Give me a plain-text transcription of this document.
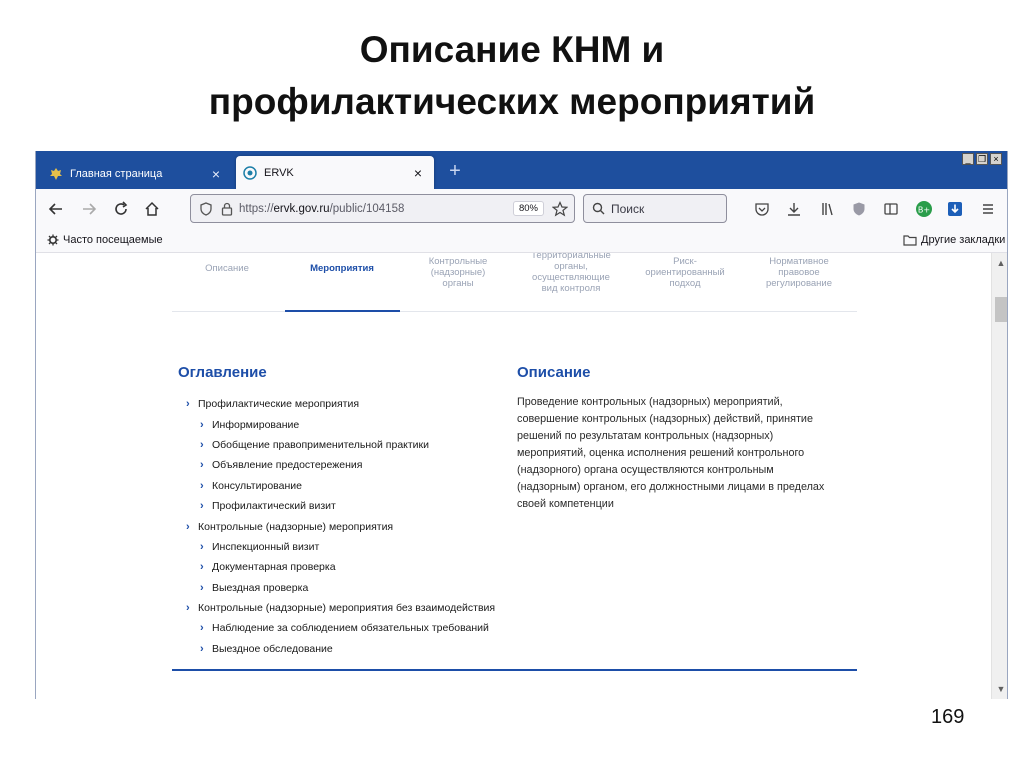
Описание КНМ и
профилактических мероприятий
Главная страница	×	ERVK	× +
_ ❐ ×
https://ervk.gov.ru/public/104158	80%	Поиск	B+
Часто посещаемые	Другие закладки
Описание	Мероприятия
Контрольные
(надзорные)
органы
Территориальные
органы,
осуществляющие
вид контроля
Риск-
ориентированный
подход
Нормативное
правовое
регулирование
Оглавление
› Профилактические мероприятия
› Информирование
› Обобщение правоприменительной практики
› Объявление предостережения
› Консультирование
› Профилактический визит
› Контрольные (надзорные) мероприятия
› Инспекционный визит
› Документарная проверка
› Выездная проверка
› Контрольные (надзорные) мероприятия без взаимодействия
› Наблюдение за соблюдением обязательных требований
› Выездное обследование
Описание
Проведение контрольных (надзорных) мероприятий,
совершение контрольных (надзорных) действий, принятие
решений по результатам контрольных (надзорных)
мероприятий, оценка исполнения решений контрольного
(надзорного) органа осуществляются контрольным
(надзорным) органом, его должностными лицами в пределах
своей компетенции
▲
▼
169
